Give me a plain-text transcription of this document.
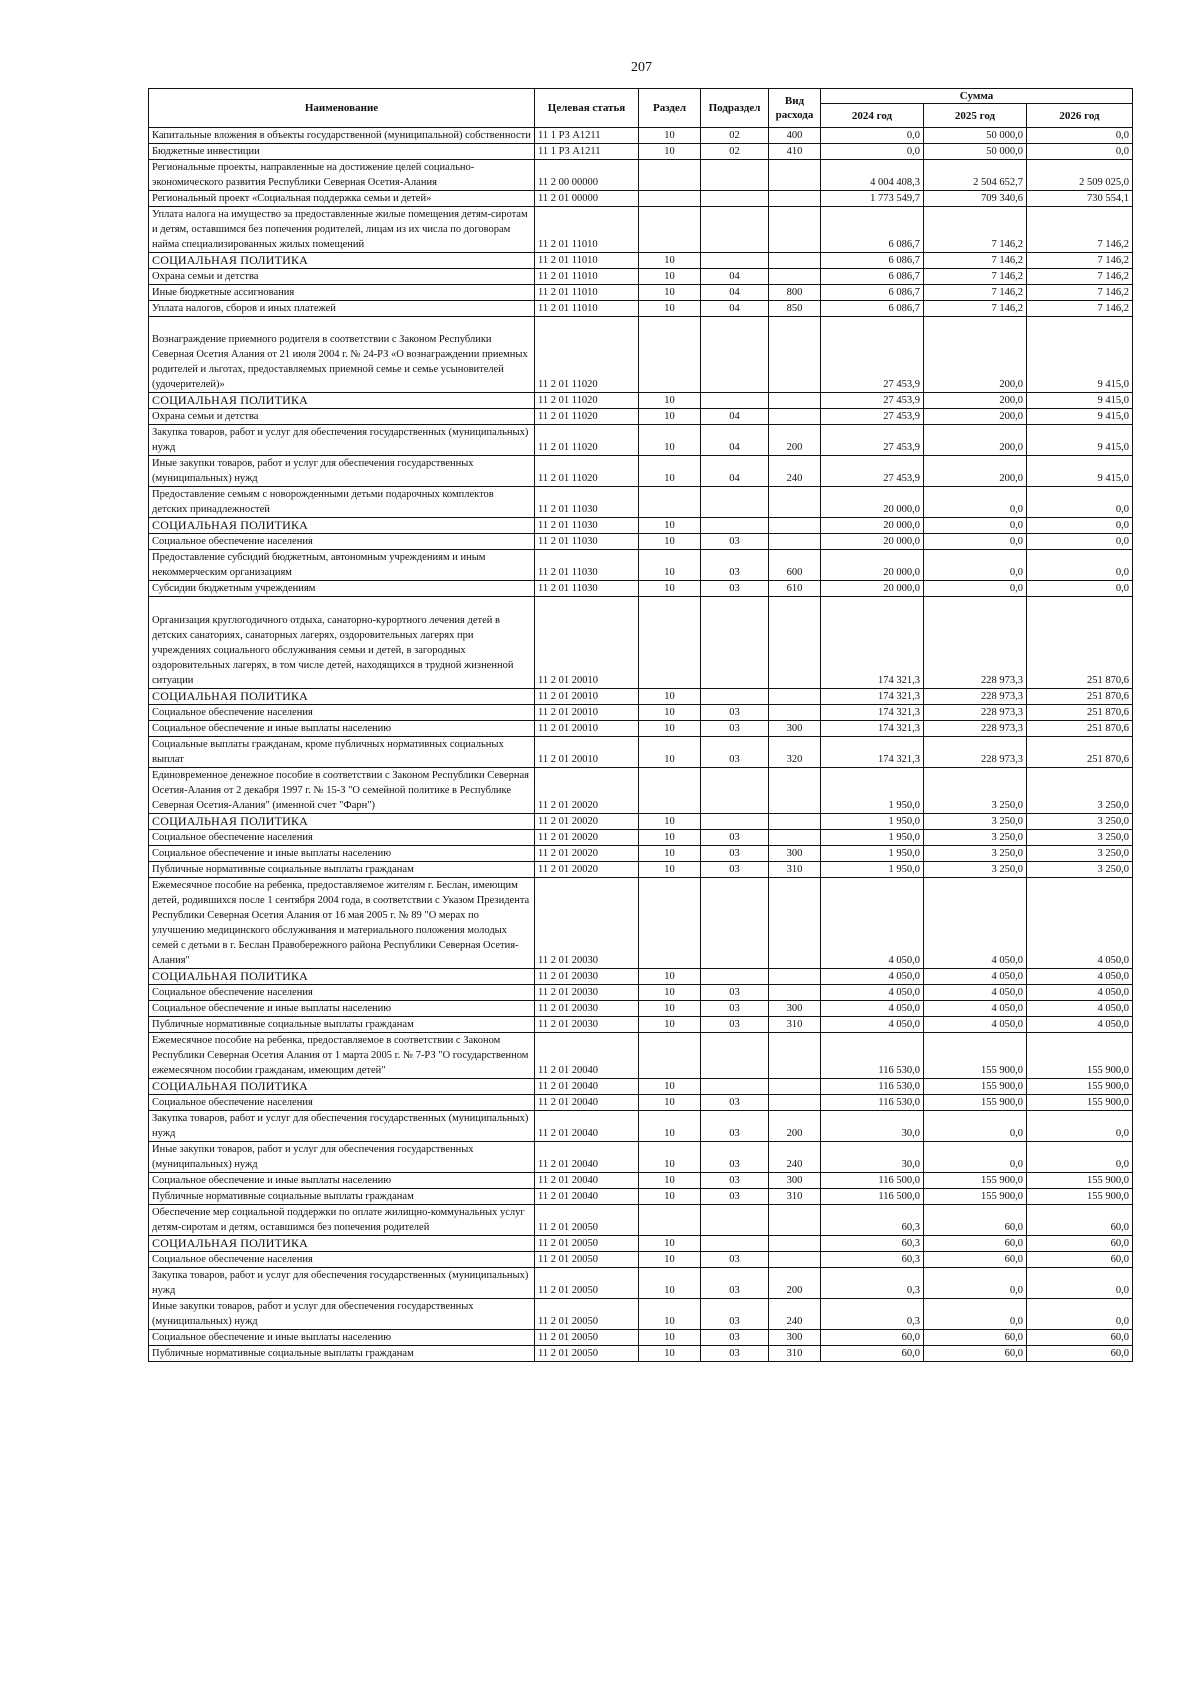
207
Наименование	Целевая статья	Раздел	Подраздел	Вид расхода	Сумма		
					2024 год	2025 год	2026 год
Капитальные вложения в объекты государственной (муниципальной) собственности	11 1 Р3 А1211	10	02	400	0,0	50 000,0	0,0
Бюджетные инвестиции	11 1 Р3 А1211	10	02	410	0,0	50 000,0	0,0
Региональные проекты, направленные на достижение целей социально-экономического развития Республики Северная Осетия-Алания	11 2 00 00000				4 004 408,3	2 504 652,7	2 509 025,0
Региональный проект «Социальная поддержка семьи и детей»	11 2 01 00000				1 773 549,7	709 340,6	730 554,1
Уплата налога на имущество за предоставленные жилые помещения детям-сиротам и детям, оставшимся без попечения родителей, лицам из их числа по договорам найма специализированных жилых помещений	11 2 01 11010				6 086,7	7 146,2	7 146,2
СОЦИАЛЬНАЯ ПОЛИТИКА	11 2 01 11010	10			6 086,7	7 146,2	7 146,2
Охрана семьи и детства	11 2 01 11010	10	04		6 086,7	7 146,2	7 146,2
Иные бюджетные ассигнования	11 2 01 11010	10	04	800	6 086,7	7 146,2	7 146,2
Уплата налогов, сборов и иных платежей	11 2 01 11010	10	04	850	6 086,7	7 146,2	7 146,2
Вознаграждение приемного родителя в соответствии с Законом Республики Северная Осетия Алания от 21 июля 2004 г. № 24-РЗ «О вознаграждении приемных родителей и льготах, предоставляемых приемной семье и семье усыновителей (удочерителей)»	11 2 01 11020				27 453,9	200,0	9 415,0
СОЦИАЛЬНАЯ ПОЛИТИКА	11 2 01 11020	10			27 453,9	200,0	9 415,0
Охрана семьи и детства	11 2 01 11020	10	04		27 453,9	200,0	9 415,0
Закупка товаров, работ и услуг для обеспечения государственных (муниципальных) нужд	11 2 01 11020	10	04	200	27 453,9	200,0	9 415,0
Иные закупки товаров, работ и услуг для обеспечения государственных (муниципальных) нужд	11 2 01 11020	10	04	240	27 453,9	200,0	9 415,0
Предоставление семьям с новорожденными детьми подарочных комплектов детских принадлежностей	11 2 01 11030				20 000,0	0,0	0,0
СОЦИАЛЬНАЯ ПОЛИТИКА	11 2 01 11030	10			20 000,0	0,0	0,0
Социальное обеспечение населения	11 2 01 11030	10	03		20 000,0	0,0	0,0
Предоставление субсидий бюджетным, автономным учреждениям и иным некоммерческим организациям	11 2 01 11030	10	03	600	20 000,0	0,0	0,0
Субсидии бюджетным учреждениям	11 2 01 11030	10	03	610	20 000,0	0,0	0,0
Организация круглогодичного отдыха, санаторно-курортного лечения детей в детских санаториях, санаторных лагерях, оздоровительных лагерях при учреждениях социального обслуживания семьи и детей, в загородных оздоровительных лагерях, в том числе детей, находящихся в трудной жизненной ситуации	11 2 01 20010				174 321,3	228 973,3	251 870,6
СОЦИАЛЬНАЯ ПОЛИТИКА	11 2 01 20010	10			174 321,3	228 973,3	251 870,6
Социальное обеспечение населения	11 2 01 20010	10	03		174 321,3	228 973,3	251 870,6
Социальное обеспечение и иные выплаты населению	11 2 01 20010	10	03	300	174 321,3	228 973,3	251 870,6
Социальные выплаты гражданам, кроме публичных нормативных социальных выплат	11 2 01 20010	10	03	320	174 321,3	228 973,3	251 870,6
Единовременное денежное пособие в соответствии с Законом Республики Северная Осетия-Алания от 2 декабря 1997 г. № 15-З "О семейной политике в Республике Северная Осетия-Алания" (именной счет "Фарн")	11 2 01 20020				1 950,0	3 250,0	3 250,0
СОЦИАЛЬНАЯ ПОЛИТИКА	11 2 01 20020	10			1 950,0	3 250,0	3 250,0
Социальное обеспечение населения	11 2 01 20020	10	03		1 950,0	3 250,0	3 250,0
Социальное обеспечение и иные выплаты населению	11 2 01 20020	10	03	300	1 950,0	3 250,0	3 250,0
Публичные нормативные социальные выплаты гражданам	11 2 01 20020	10	03	310	1 950,0	3 250,0	3 250,0
Ежемесячное пособие на ребенка, предоставляемое жителям г. Беслан, имеющим детей, родившихся после 1 сентября 2004 года, в соответствии с Указом Президента Республики Северная Осетия Алания от 16 мая 2005 г. № 89 "О мерах по улучшению медицинского обслуживания и материального положения молодых семей с детьми в г. Беслан Правобережного района Республики Северная Осетия-Алания"	11 2 01 20030				4 050,0	4 050,0	4 050,0
СОЦИАЛЬНАЯ ПОЛИТИКА	11 2 01 20030	10			4 050,0	4 050,0	4 050,0
Социальное обеспечение населения	11 2 01 20030	10	03		4 050,0	4 050,0	4 050,0
Социальное обеспечение и иные выплаты населению	11 2 01 20030	10	03	300	4 050,0	4 050,0	4 050,0
Публичные нормативные социальные выплаты гражданам	11 2 01 20030	10	03	310	4 050,0	4 050,0	4 050,0
Ежемесячное пособие на ребенка, предоставляемое в соответствии с Законом Республики Северная Осетия Алания от 1 марта 2005 г. № 7-РЗ "О государственном ежемесячном пособии гражданам, имеющим детей"	11 2 01 20040				116 530,0	155 900,0	155 900,0
СОЦИАЛЬНАЯ ПОЛИТИКА	11 2 01 20040	10			116 530,0	155 900,0	155 900,0
Социальное обеспечение населения	11 2 01 20040	10	03		116 530,0	155 900,0	155 900,0
Закупка товаров, работ и услуг для обеспечения государственных (муниципальных) нужд	11 2 01 20040	10	03	200	30,0	0,0	0,0
Иные закупки товаров, работ и услуг для обеспечения государственных (муниципальных) нужд	11 2 01 20040	10	03	240	30,0	0,0	0,0
Социальное обеспечение и иные выплаты населению	11 2 01 20040	10	03	300	116 500,0	155 900,0	155 900,0
Публичные нормативные социальные выплаты гражданам	11 2 01 20040	10	03	310	116 500,0	155 900,0	155 900,0
Обеспечение мер социальной поддержки по оплате жилищно-коммунальных услуг детям-сиротам и детям, оставшимся без попечения родителей	11 2 01 20050				60,3	60,0	60,0
СОЦИАЛЬНАЯ ПОЛИТИКА	11 2 01 20050	10			60,3	60,0	60,0
Социальное обеспечение населения	11 2 01 20050	10	03		60,3	60,0	60,0
Закупка товаров, работ и услуг для обеспечения государственных (муниципальных) нужд	11 2 01 20050	10	03	200	0,3	0,0	0,0
Иные закупки товаров, работ и услуг для обеспечения государственных (муниципальных) нужд	11 2 01 20050	10	03	240	0,3	0,0	0,0
Социальное обеспечение и иные выплаты населению	11 2 01 20050	10	03	300	60,0	60,0	60,0
Публичные нормативные социальные выплаты гражданам	11 2 01 20050	10	03	310	60,0	60,0	60,0
